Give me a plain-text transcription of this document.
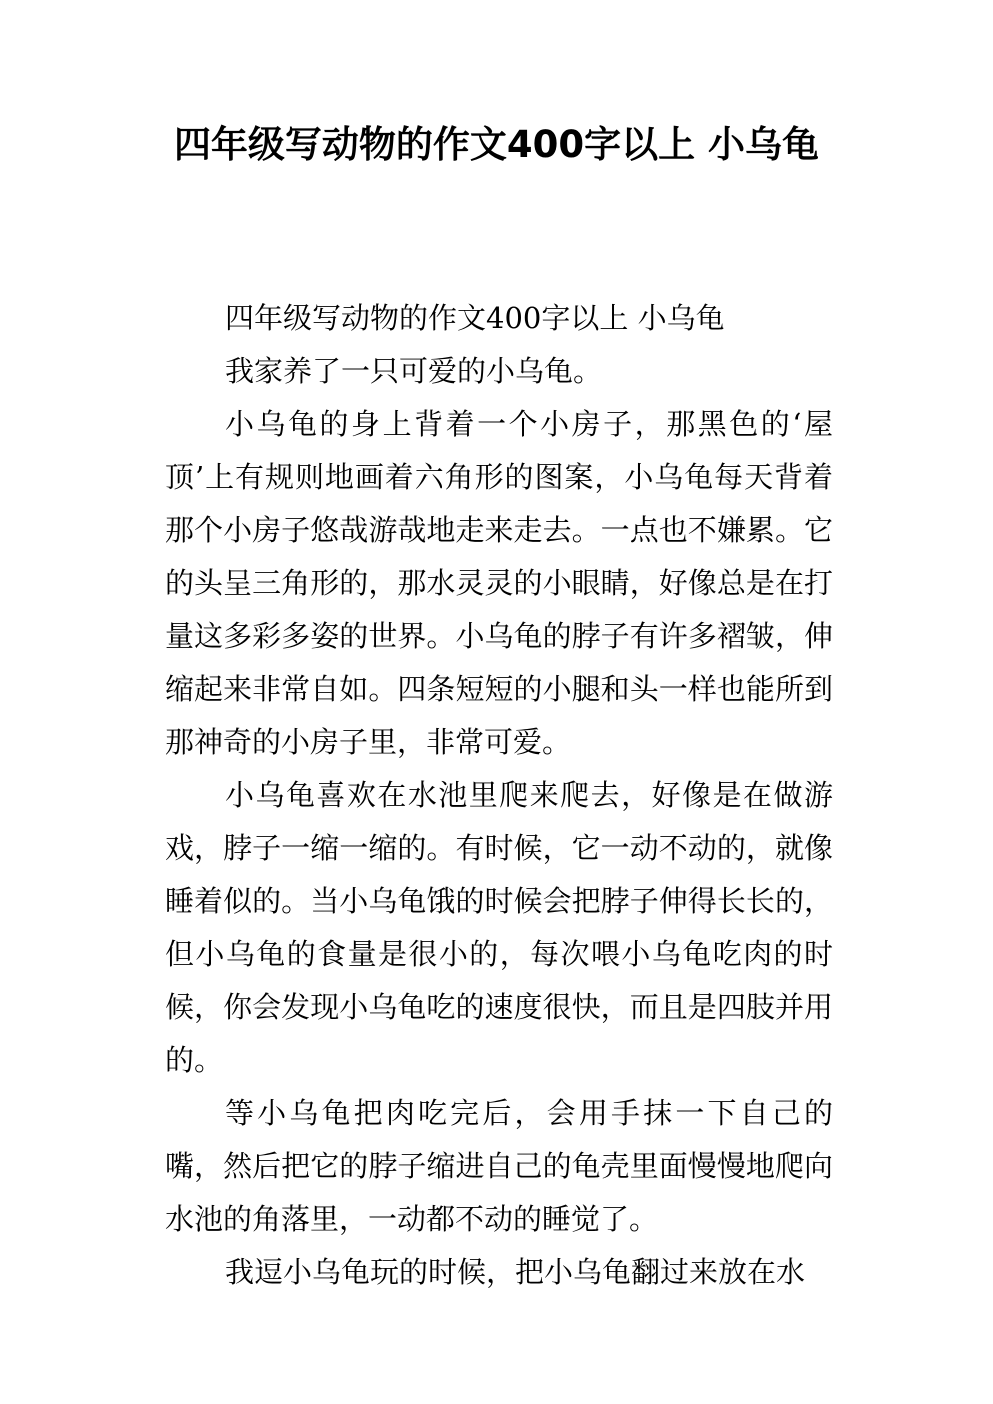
四年级写动物的作文400字以上 小乌龟

四年级写动物的作文400字以上 小乌龟

我家养了一只可爱的小乌龟。

小乌龟的身上背着一个小房子，那黑色的‘屋顶’上有规则地画着六角形的图案，小乌龟每天背着那个小房子悠哉游哉地走来走去。一点也不嫌累。它的头呈三角形的，那水灵灵的小眼睛，好像总是在打量这多彩多姿的世界。小乌龟的脖子有许多褶皱，伸缩起来非常自如。四条短短的小腿和头一样也能所到那神奇的小房子里，非常可爱。

小乌龟喜欢在水池里爬来爬去，好像是在做游戏，脖子一缩一缩的。有时候，它一动不动的，就像睡着似的。当小乌龟饿的时候会把脖子伸得长长的，但小乌龟的食量是很小的，每次喂小乌龟吃肉的时候，你会发现小乌龟吃的速度很快，而且是四肢并用的。

等小乌龟把肉吃完后，会用手抹一下自己的嘴，然后把它的脖子缩进自己的龟壳里面慢慢地爬向水池的角落里，一动都不动的睡觉了。

我逗小乌龟玩的时候，把小乌龟翻过来放在水
